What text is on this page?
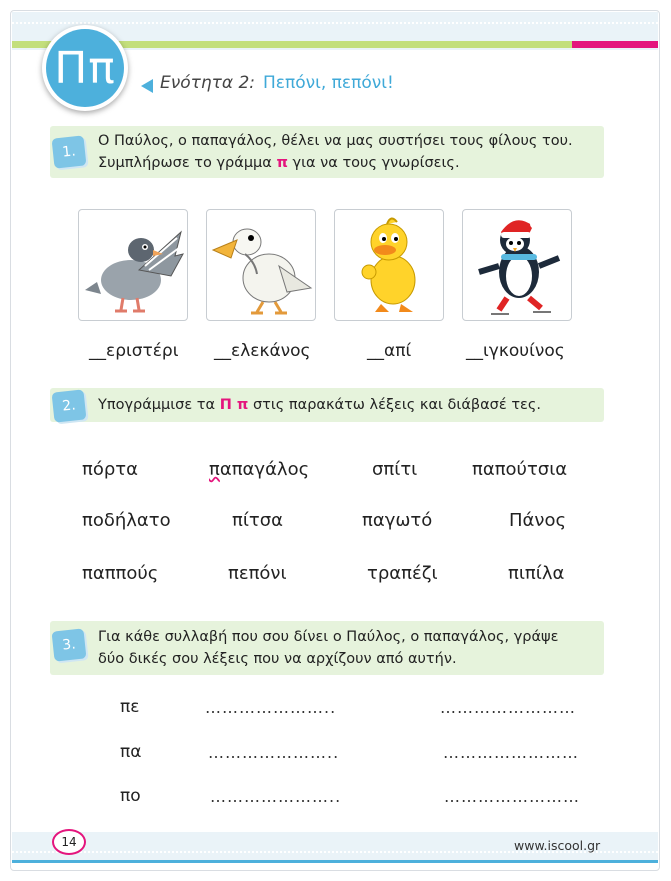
Ππ	Ενότητα 2: Πεπόνι, πεπόνι!
1.
Ο Παύλος, ο παπαγάλος, θέλει να μας συστήσει τους φίλους του.
Συμπλήρωσε το γράμμα π για να τους γνωρίσεις.
__εριστέρι __ελεκάνος	__απί	__ιγκουίνος
2.	Υπογράμμισε τα Π π στις παρακάτω λέξεις και διάβασέ τες.
πόρτα	παπαγάλος	σπίτι	παπούτσια
ποδήλατο	πίτσα	παγωτό	Πάνος
παππούς	πεπόνι	τραπέζι	πιπίλα
3.	Για κάθε συλλαβή που σου δίνει ο Παύλος, ο παπαγάλος, γράψε
δύο δικές σου λέξεις που να αρχίζουν από αυτήν.
πε	…………………..	……………………
πα	…………………..	……………………
πο	…………………..	……………………
14	www.iscool.gr
